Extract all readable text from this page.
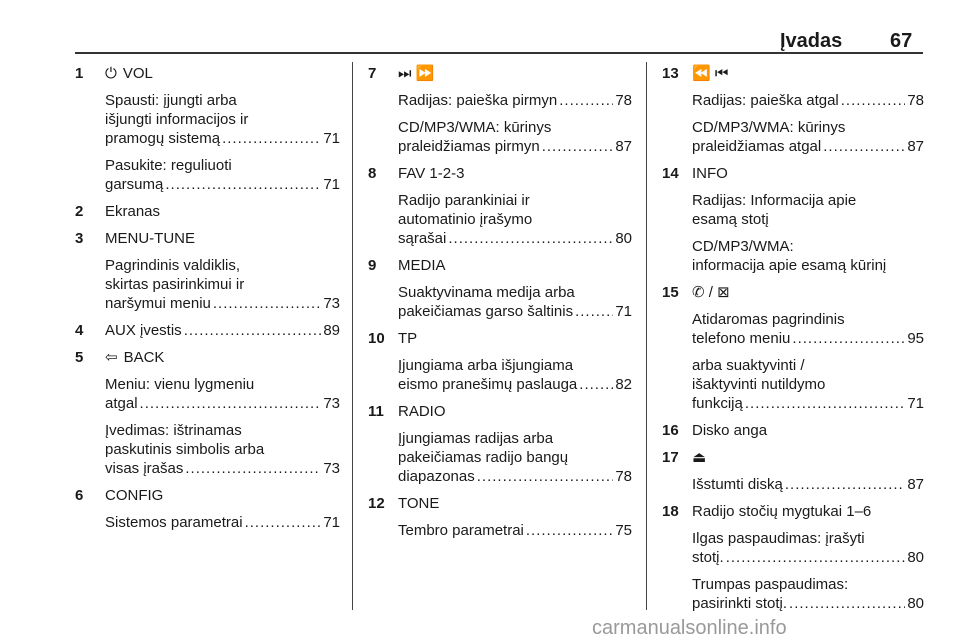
Įvadas 67
1 ⏻ VOL
Spausti: įjungti arba
išjungti informacijos ir
pramogų sistemą .....	71
Pasukite: reguliuoti
garsumą .....	71
2 Ekranas
3 MENU-TUNE
Pagrindinis valdiklis,
skirtas pasirinkimui ir
naršymui meniu .....	73
4 AUX įvestis .....	89
5 ⇦ BACK
Meniu: vienu lygmeniu
atgal .....	73
Įvedimas: ištrinamas
paskutinis simbolis arba
visas įrašas .....	73
6 CONFIG
Sistemos parametrai .....	71
7 ⏭ ⏩
Radijas: paieška pirmyn .....	78
CD/MP3/WMA: kūrinys
praleidžiamas pirmyn .....	87
8 FAV 1-2-3
Radijo parankiniai ir
automatinio įrašymo
sąrašai .....	80
9 MEDIA
Suaktyvinama medija arba
pakeičiamas garso šaltinis .....	71
10 TP
Įjungiama arba išjungiama
eismo pranešimų paslauga .....	82
11 RADIO
Įjungiamas radijas arba
pakeičiamas radijo bangų
diapazonas .....	78
12 TONE
Tembro parametrai .....	75
13 ⏪ ⏮
Radijas: paieška atgal .....	78
CD/MP3/WMA: kūrinys
praleidžiamas atgal .....	87
14 INFO
Radijas: Informacija apie
esamą stotį
CD/MP3/WMA:
informacija apie esamą kūrinį
15 ✆ / ⊠
Atidaromas pagrindinis
telefono meniu .....	95
arba suaktyvinti /
išaktyvinti nutildymo
funkciją .....	71
16 Disko anga
17 ⏏
Išstumti diską .....	87
18 Radijo stočių mygtukai 1–6
Ilgas paspaudimas: įrašyti
stotį. .....	80
Trumpas paspaudimas:
pasirinkti stotį. .....	80
carmanualsonline.info
